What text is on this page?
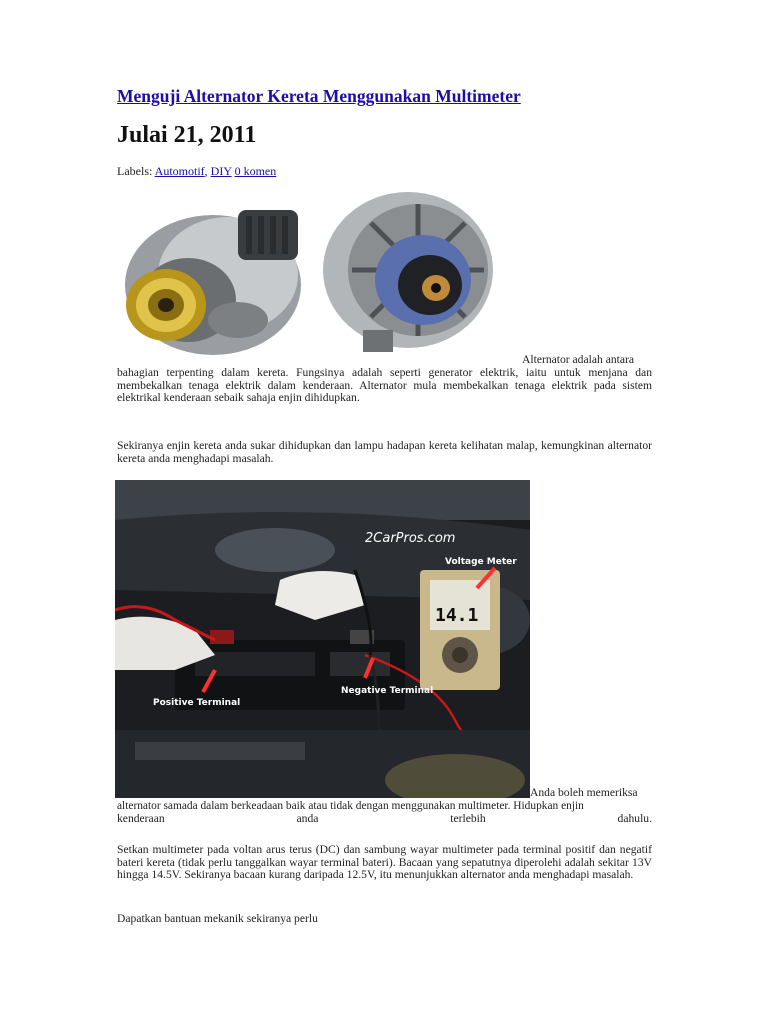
Menguji Alternator Kereta Menggunakan Multimeter
Julai 21, 2011
Labels: Automotif, DIY 0 komen
Alternator adalah antara

bahagian terpenting dalam kereta. Fungsinya adalah seperti generator elektrik, iaitu untuk menjana dan membekalkan tenaga elektrik dalam kenderaan. Alternator mula membekalkan tenaga elektrik pada sistem elektrikal kenderaan sebaik sahaja enjin dihidupkan.

Sekiranya enjin kereta anda sukar dihidupkan dan lampu hadapan kereta kelihatan malap, kemungkinan alternator kereta anda menghadapi masalah.

14.1
2CarPros.com
Voltage Meter
Positive Terminal
Negative Terminal
Anda boleh memeriksa

alternator samada dalam berkeadaan baik atau tidak dengan menggunakan multimeter. Hidupkan enjin

kenderaan	anda	terlebih	dahulu.

Setkan multimeter pada voltan arus terus (DC) dan sambung wayar multimeter pada terminal positif dan negatif bateri kereta (tidak perlu tanggalkan wayar terminal bateri). Bacaan yang sepatutnya diperolehi adalah sekitar 13V hingga 14.5V. Sekiranya bacaan kurang daripada 12.5V, itu menunjukkan alternator anda menghadapi masalah.

Dapatkan bantuan mekanik sekiranya perlu
